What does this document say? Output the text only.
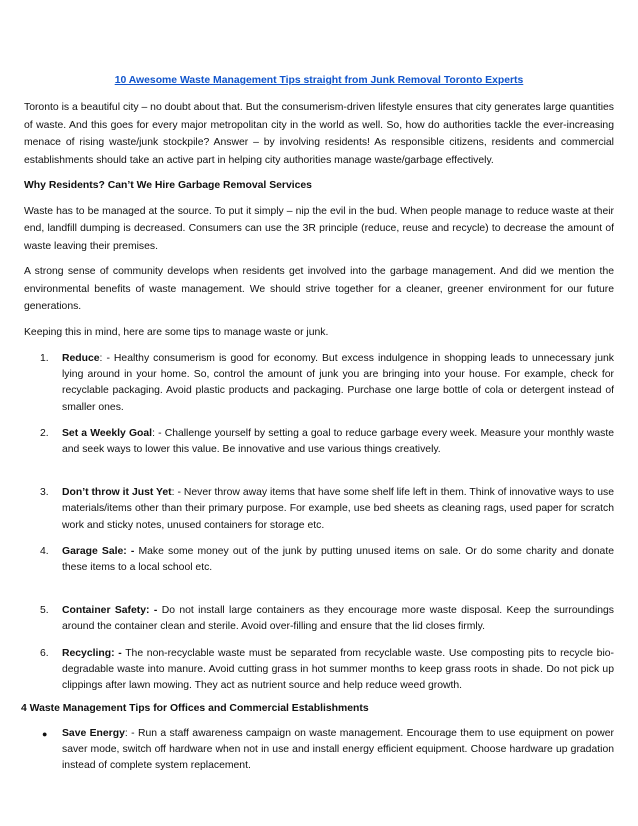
10 Awesome Waste Management Tips straight from Junk Removal Toronto Experts

Toronto is a beautiful city – no doubt about that. But the consumerism-driven lifestyle ensures that city generates large quantities of waste. And this goes for every major metropolitan city in the world as well. So, how do authorities tackle the ever-increasing menace of rising waste/junk stockpile? Answer – by involving residents! As responsible citizens, residents and commercial establishments should take an active part in helping city authorities manage waste/garbage effectively.

Why Residents? Can’t We Hire Garbage Removal Services

Waste has to be managed at the source. To put it simply – nip the evil in the bud. When people manage to reduce waste at their end, landfill dumping is decreased. Consumers can use the 3R principle (reduce, reuse and recycle) to decrease the amount of waste leaving their premises.

A strong sense of community develops when residents get involved into the garbage management. And did we mention the environmental benefits of waste management. We should strive together for a cleaner, greener environment for our future generations.

Keeping this in mind, here are some tips to manage waste or junk.

1. Reduce: - Healthy consumerism is good for economy. But excess indulgence in shopping leads to unnecessary junk lying around in your home. So, control the amount of junk you are bringing into your house. For example, check for recyclable packaging. Avoid plastic products and packaging. Purchase one large bottle of cola or detergent instead of smaller ones.
2. Set a Weekly Goal: - Challenge yourself by setting a goal to reduce garbage every week. Measure your monthly waste and seek ways to lower this value. Be innovative and use various things creatively.
3. Don’t throw it Just Yet: - Never throw away items that have some shelf life left in them. Think of innovative ways to use materials/items other than their primary purpose. For example, use bed sheets as cleaning rags, used paper for scratch work and sticky notes, unused containers for storage etc.
4. Garage Sale: - Make some money out of the junk by putting unused items on sale. Or do some charity and donate these items to a local school etc.
5. Container Safety: - Do not install large containers as they encourage more waste disposal. Keep the surroundings around the container clean and sterile. Avoid over-filling and ensure that the lid closes firmly.
6. Recycling: - The non-recyclable waste must be separated from recyclable waste. Use composting pits to recycle bio-degradable waste into manure. Avoid cutting grass in hot summer months to keep grass roots in shade. Do not pick up clippings after lawn mowing. They act as nutrient source and help reduce weed growth.
4 Waste Management Tips for Offices and Commercial Establishments
● Save Energy: - Run a staff awareness campaign on waste management. Encourage them to use equipment on power saver mode, switch off hardware when not in use and install energy efficient equipment. Choose hardware up gradation instead of complete system replacement.
